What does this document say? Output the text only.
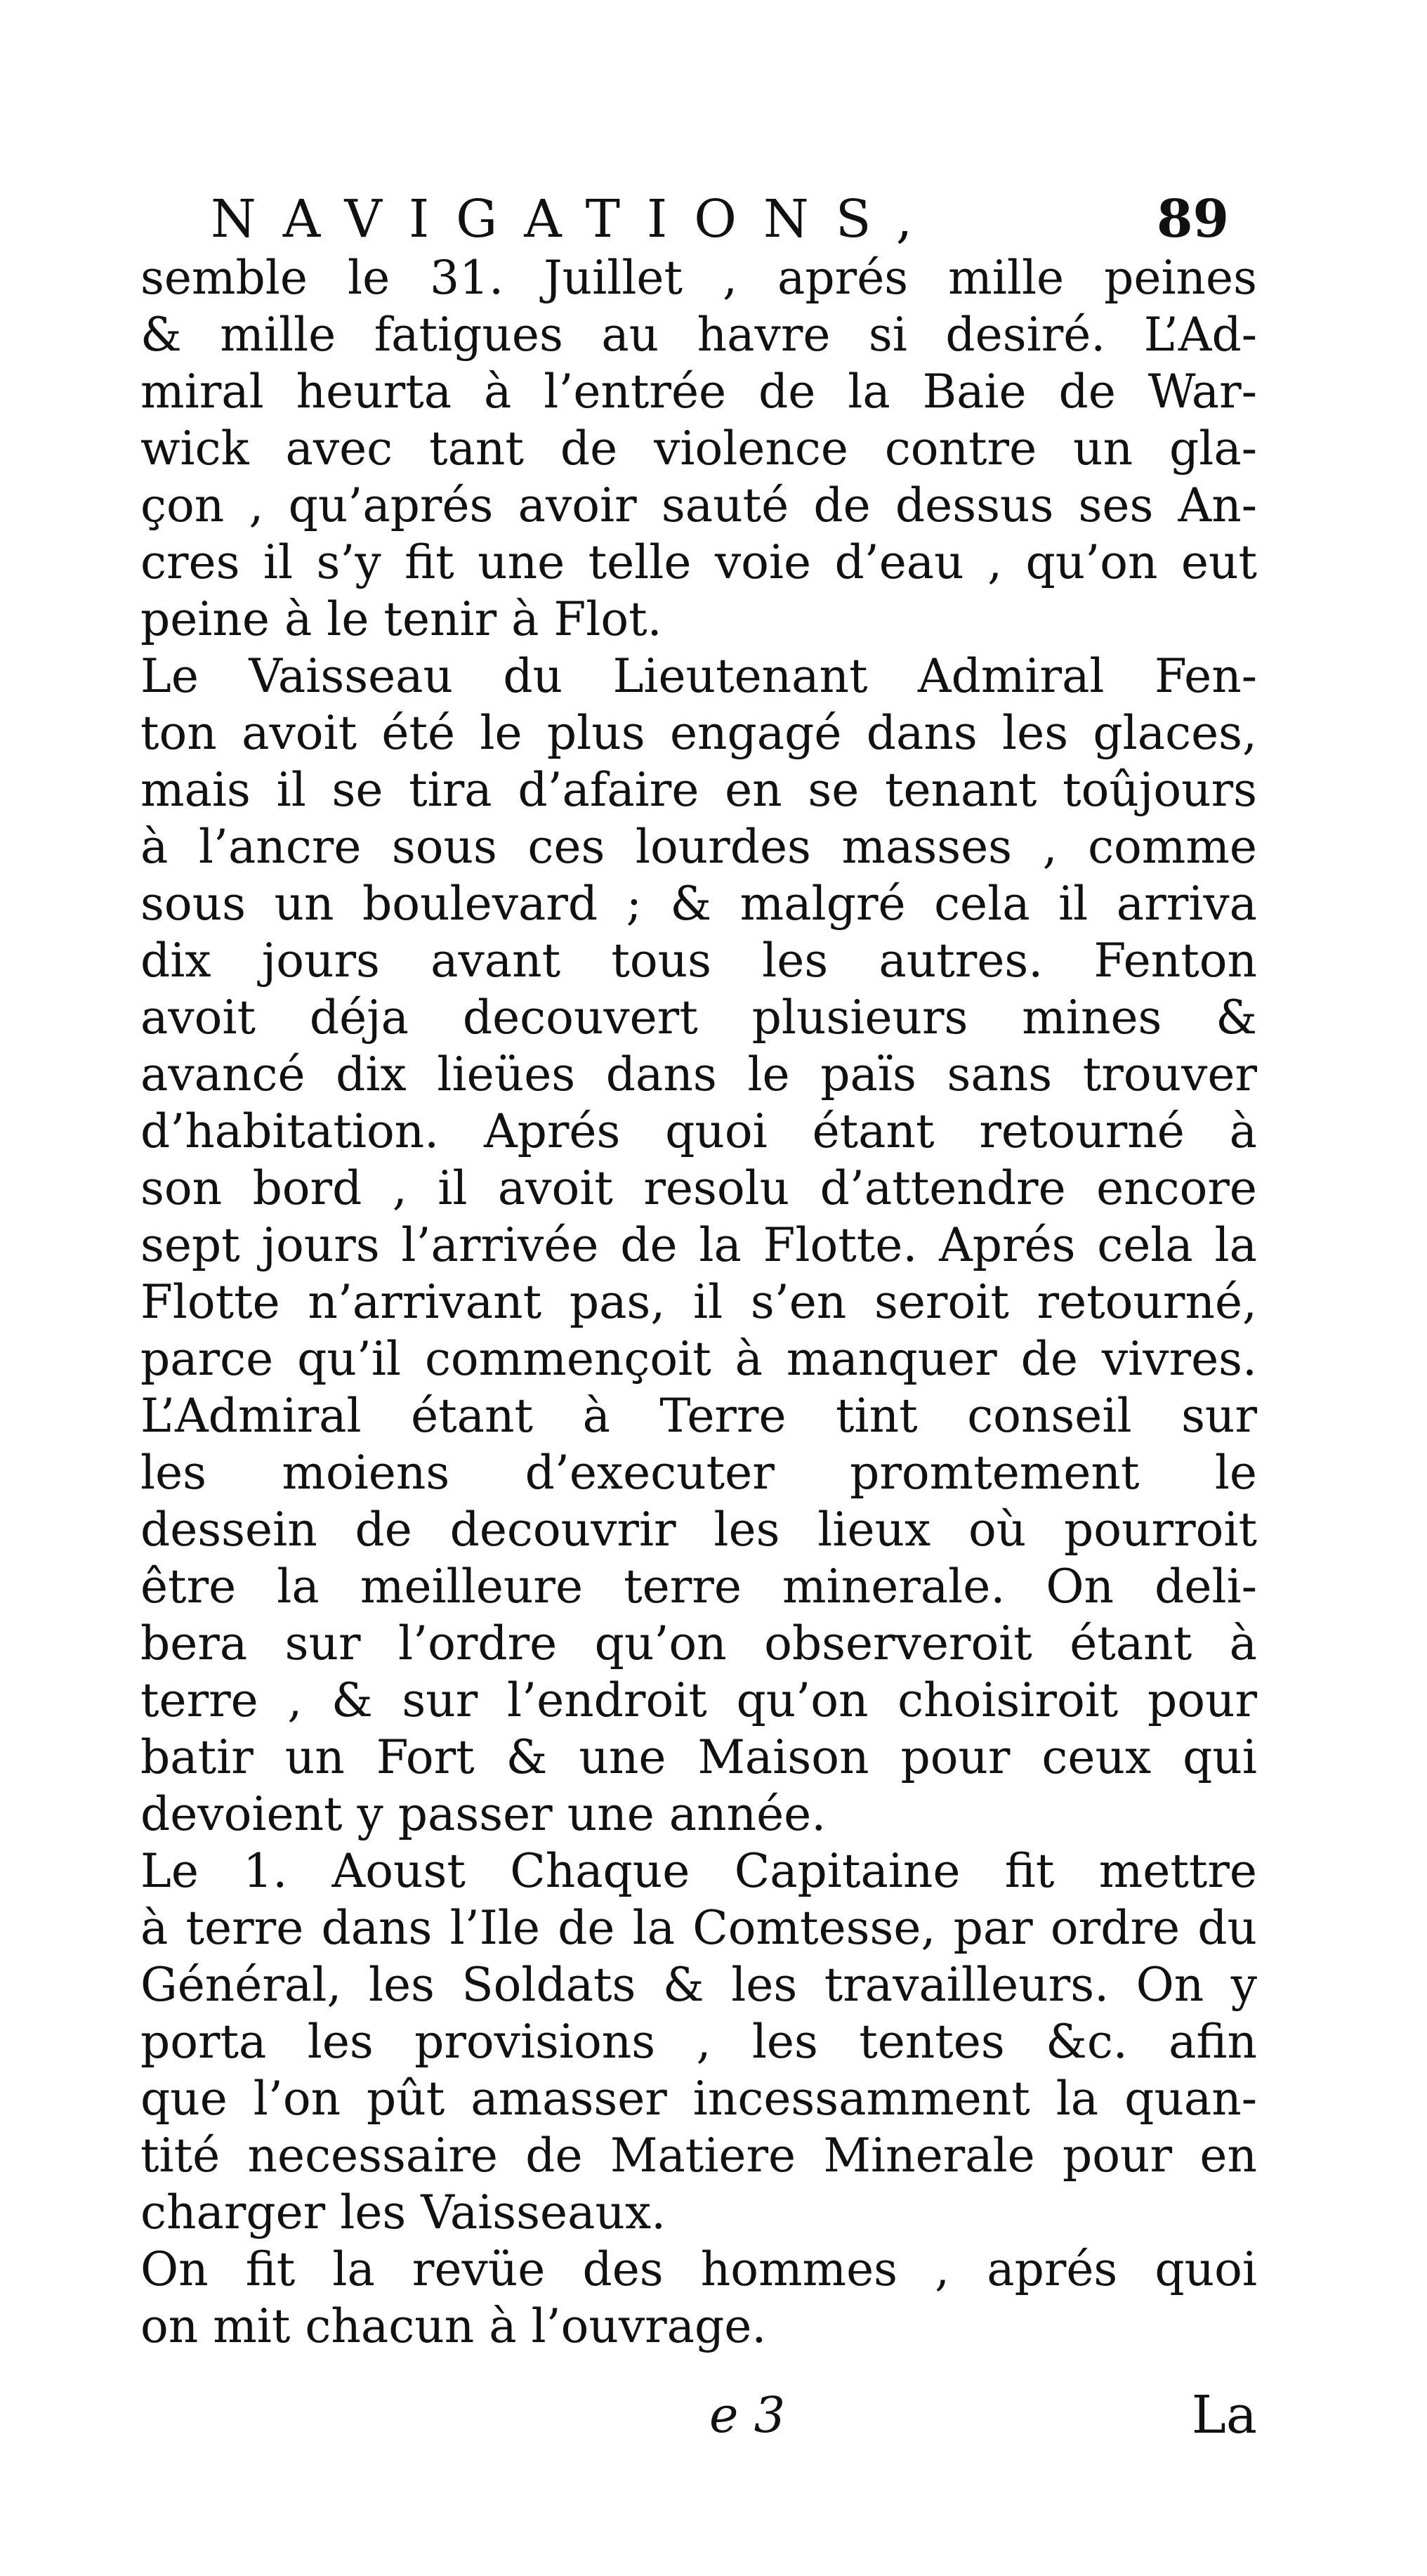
NAVIGATIONS,	89
semble le 31. Juillet , aprés mille peines
& mille fatigues au havre si desiré. L’Ad-
miral heurta à l’entrée de la Baie de War-
wick avec tant de violence contre un gla-
çon , qu’aprés avoir sauté de dessus ses An-
cres il s’y fit une telle voie d’eau , qu’on eut
peine à le tenir à Flot.
Le Vaisseau du Lieutenant Admiral Fen-
ton avoit été le plus engagé dans les glaces,
mais il se tira d’afaire en se tenant toûjours
à l’ancre sous ces lourdes masses , comme
sous un boulevard ; & malgré cela il arriva
dix jours avant tous les autres. Fenton
avoit déja decouvert plusieurs mines &
avancé dix lieües dans le païs sans trouver
d’habitation. Aprés quoi étant retourné à
son bord , il avoit resolu d’attendre encore
sept jours l’arrivée de la Flotte. Aprés cela la
Flotte n’arrivant pas, il s’en seroit retourné,
parce qu’il commençoit à manquer de vivres.
L’Admiral étant à Terre tint conseil sur
les moiens d’executer promtement le
dessein de decouvrir les lieux où pourroit
être la meilleure terre minerale. On deli-
bera sur l’ordre qu’on observeroit étant à
terre , & sur l’endroit qu’on choisiroit pour
batir un Fort & une Maison pour ceux qui
devoient y passer une année.
Le 1. Aoust Chaque Capitaine fit mettre
à terre dans l’Ile de la Comtesse, par ordre du
Général, les Soldats & les travailleurs. On y
porta les provisions , les tentes &c. afin
que l’on pût amasser incessamment la quan-
tité necessaire de Matiere Minerale pour en
charger les Vaisseaux.
On fit la revüe des hommes , aprés quoi
on mit chacun à l’ouvrage.
e 3	La
